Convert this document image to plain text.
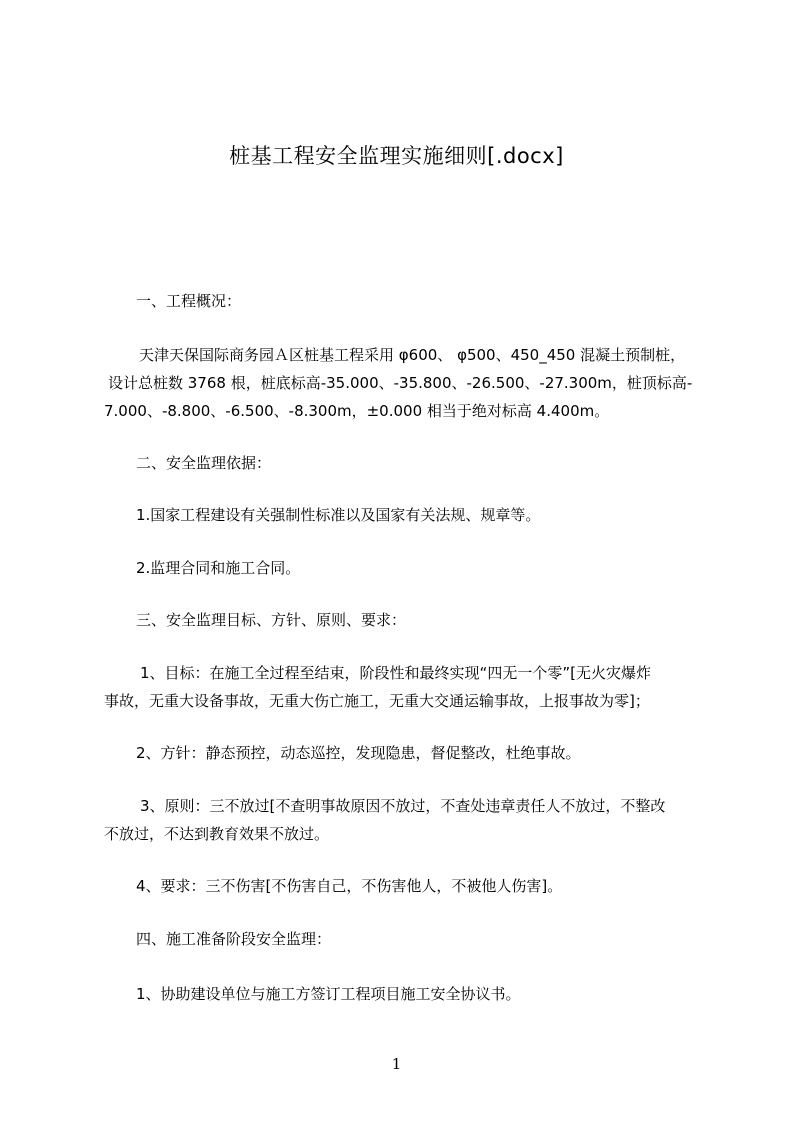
桩基工程安全监理实施细则[.docx]
一、工程概况：
天津天保国际商务园Ａ区桩基工程采用 φ600、 φ500、450_450 混凝土预制桩，
设计总桩数 3768 根，桩底标高-35.000、-35.800、-26.500、-27.300m，桩顶标高-
7.000、-8.800、-6.500、-8.300m，±0.000 相当于绝对标高 4.400m。
二、安全监理依据：
1.国家工程建设有关强制性标准以及国家有关法规、规章等。
2.监理合同和施工合同。
三、安全监理目标、方针、原则、要求：
1、目标：在施工全过程至结束，阶段性和最终实现“四无一个零”[无火灾爆炸
事故，无重大设备事故，无重大伤亡施工，无重大交通运输事故，上报事故为零]；
2、方针：静态预控，动态巡控，发现隐患，督促整改，杜绝事故。
3、原则：三不放过[不查明事故原因不放过，不查处违章责任人不放过，不整改
不放过，不达到教育效果不放过。
4、要求：三不伤害[不伤害自己，不伤害他人，不被他人伤害]。
四、施工准备阶段安全监理：
1、协助建设单位与施工方签订工程项目施工安全协议书。
1
